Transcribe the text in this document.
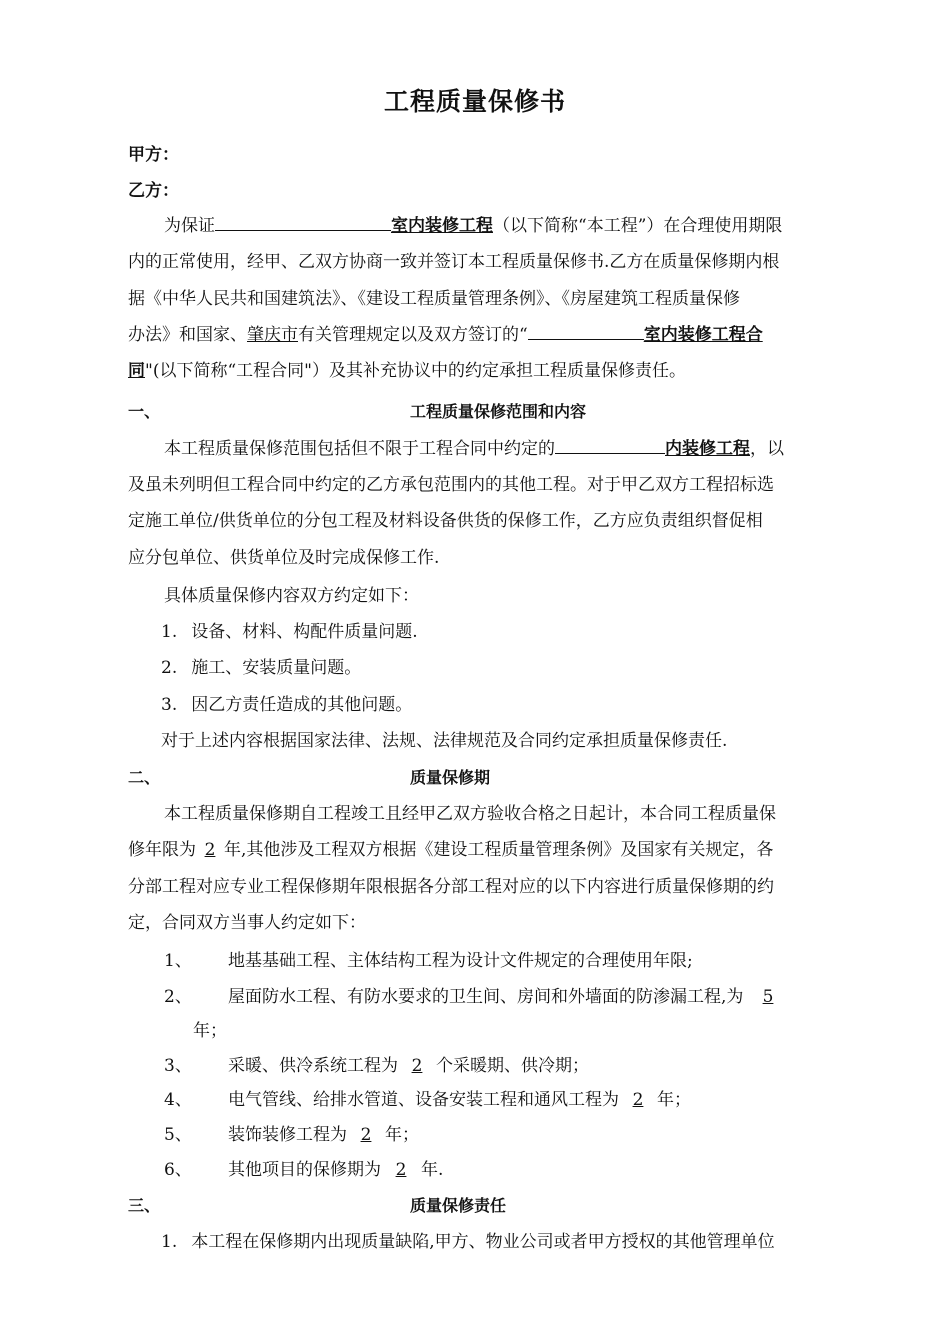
工程质量保修书
甲方：
乙方：
为保证	室内装修工程（以下简称“本工程”）在合理使用期限
内的正常使用，经甲、乙双方协商一致并签订本工程质量保修书.乙方在质量保修期内根
据《中华人民共和国建筑法》、《建设工程质量管理条例》、《房屋建筑工程质量保修
办法》和国家、肇庆市有关管理规定以及双方签订的“	室内装修工程合
同"(以下简称“工程合同"）及其补充协议中的约定承担工程质量保修责任。
一、	工程质量保修范围和内容
本工程质量保修范围包括但不限于工程合同中约定的	内装修工程，以
及虽未列明但工程合同中约定的乙方承包范围内的其他工程。对于甲乙双方工程招标选
定施工单位/供货单位的分包工程及材料设备供货的保修工作，乙方应负责组织督促相
应分包单位、供货单位及时完成保修工作.
具体质量保修内容双方约定如下：
1. 设备、材料、构配件质量问题.
2. 施工、安装质量问题。
3. 因乙方责任造成的其他问题。
对于上述内容根据国家法律、法规、法律规范及合同约定承担质量保修责任.
二、	质量保修期
本工程质量保修期自工程竣工且经甲乙双方验收合格之日起计，本合同工程质量保
修年限为 2 年,其他涉及工程双方根据《建设工程质量管理条例》及国家有关规定，各
分部工程对应专业工程保修期年限根据各分部工程对应的以下内容进行质量保修期的约
定，合同双方当事人约定如下：
1、 地基基础工程、主体结构工程为设计文件规定的合理使用年限;
2、 屋面防水工程、有防水要求的卫生间、房间和外墙面的防渗漏工程,为 5
年；
3、 采暖、供冷系统工程为 2 个采暖期、供冷期；
4、 电气管线、给排水管道、设备安装工程和通风工程为 2 年；
5、 装饰装修工程为 2 年；
6、 其他项目的保修期为 2 年.
三、	质量保修责任
1. 本工程在保修期内出现质量缺陷,甲方、物业公司或者甲方授权的其他管理单位
